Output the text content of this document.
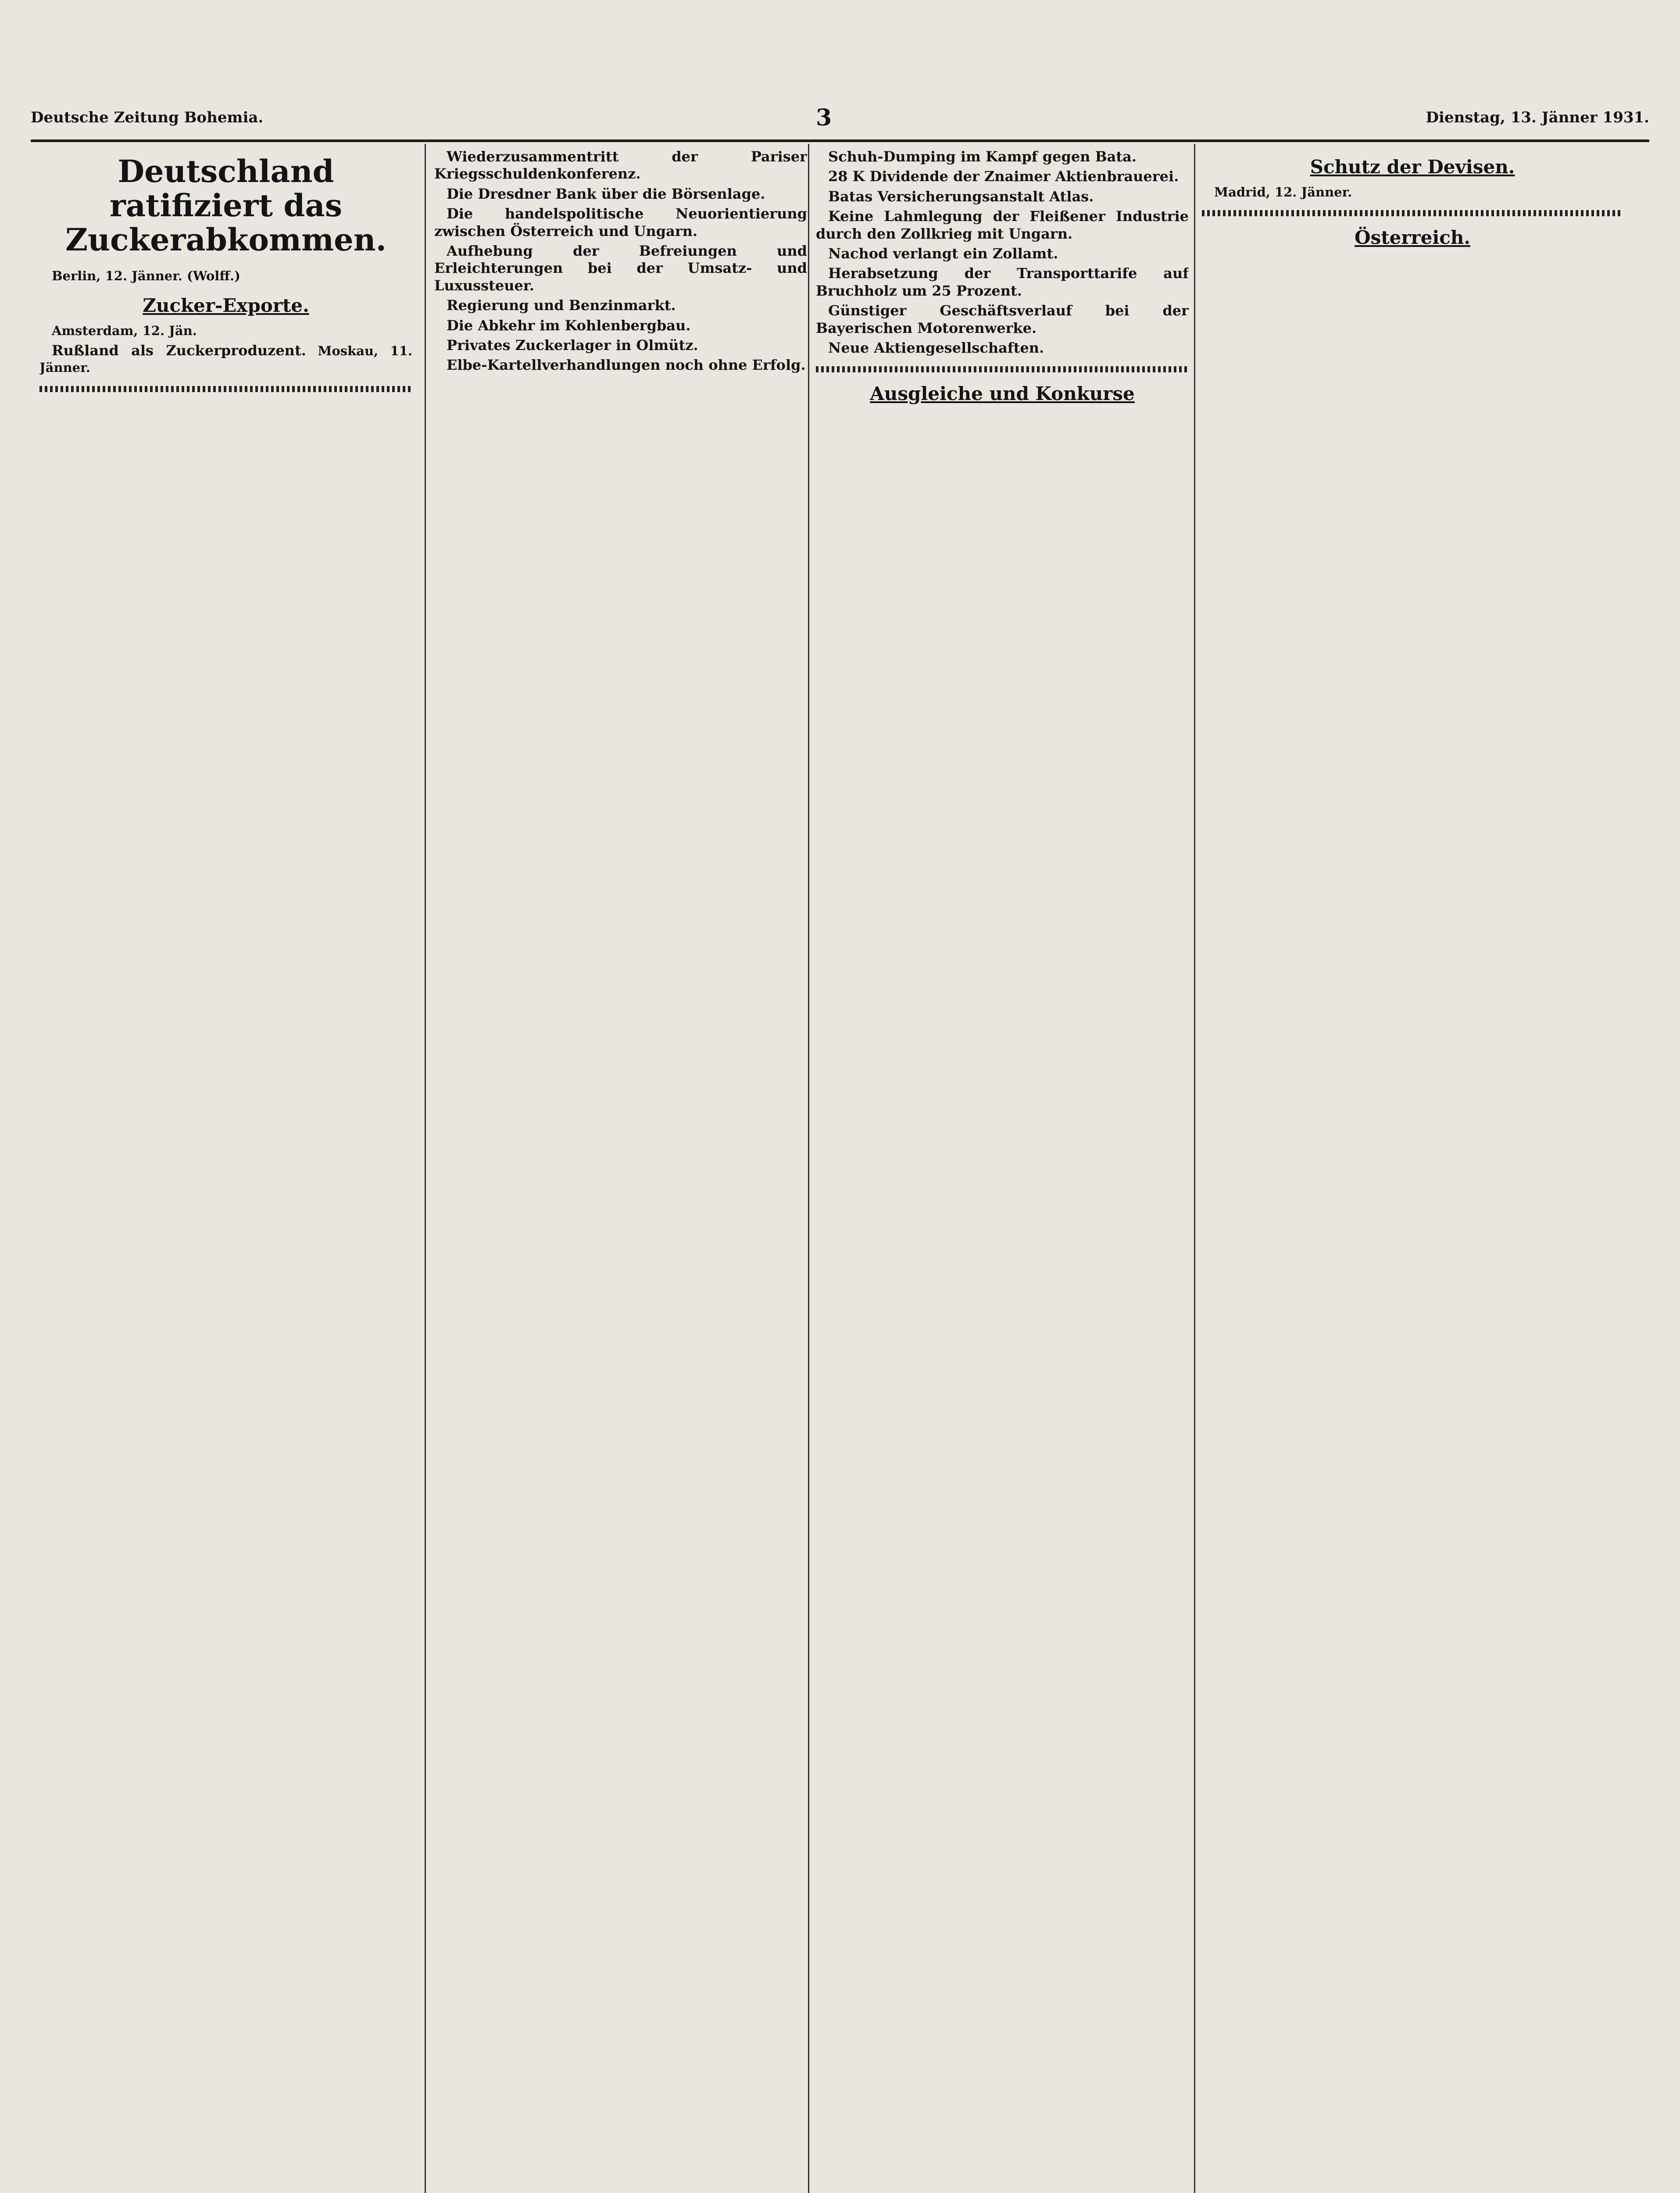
Deutsche Zeitung Bohemia.	3	Dienstag, 13. Jänner 1931.
Deutschland ratifiziert das Zuckerabkommen.

Berlin, 12. Jänner. (Wolff.)

Zucker-Exporte.

Amsterdam, 12. Jän.

Rußland als Zuckerproduzent. Moskau, 11. Jänner.

Wiederzusammentritt der Pariser Kriegsschuldenkonferenz.

Die Dresdner Bank über die Börsenlage.

Die handelspolitische Neuorientierung zwischen Österreich und Ungarn.

Aufhebung der Befreiungen und Erleichterungen bei der Umsatz- und Luxussteuer.

Regierung und Benzinmarkt.

Die Abkehr im Kohlenbergbau.

Privates Zuckerlager in Olmütz.

Elbe-Kartellverhandlungen noch ohne Erfolg.

Schuh-Dumping im Kampf gegen Bata.

28 K Dividende der Znaimer Aktienbrauerei.

Batas Versicherungsanstalt Atlas.

Keine Lahmlegung der Fleißener Industrie durch den Zollkrieg mit Ungarn.

Nachod verlangt ein Zollamt.

Herabsetzung der Transporttarife auf Bruchholz um 25 Prozent.

Günstiger Geschäftsverlauf bei der Bayerischen Motorenwerke.

Neue Aktiengesellschaften.

Ausgleiche und Konkurse
Schutz der Devisen.

Madrid, 12. Jänner.

Österreich.
